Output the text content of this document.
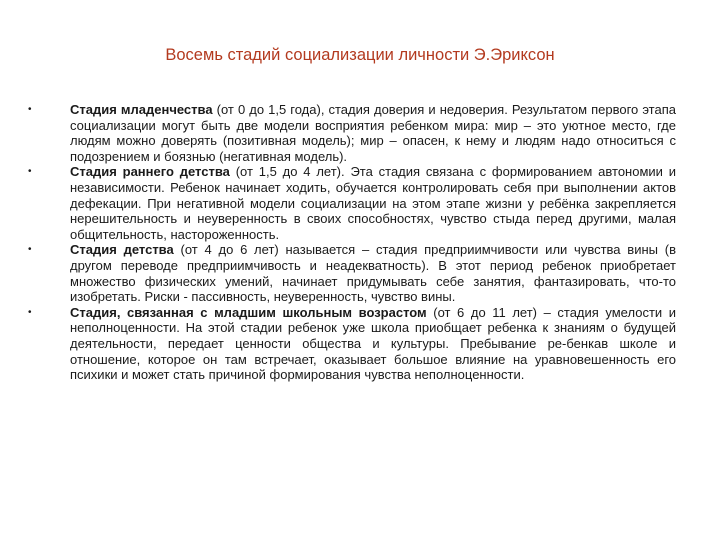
Восемь стадий социализации личности Э.Эриксон
•	Стадия младенчества (от 0 до 1,5 года), стадия доверия и недоверия. Результатом первого этапа социализации могут быть две модели восприятия ребенком мира: мир – это уютное место, где людям можно доверять (позитивная модель); мир – опасен, к нему и людям надо относиться с подозрением и боязнью (негативная модель).
•	Стадия раннего детства (от 1,5 до 4 лет). Эта стадия связана с формированием автономии и независимости. Ребенок начинает ходить, обучается контролировать себя при выполнении актов дефекации. При негативной модели социализации на этом этапе жизни у ребёнка закрепляется нерешительность и неуверенность в своих способностях, чувство стыда перед другими, малая общительность, настороженность.
•	Стадия детства (от 4 до 6 лет) называется – стадия предприимчивости или чувства вины (в другом переводе предприимчивость и неадекватность). В этот период ребенок приобретает множество физических умений, начинает придумывать себе занятия, фантазировать, что-то изобретать. Риски - пассивность, неуверенность, чувство вины.
•	Стадия, связанная с младшим школьным возрастом (от 6 до 11 лет) – стадия умелости и неполноценности. На этой стадии ребенок уже школа приобщает ребенка к знаниям о будущей деятельности, передает ценности общества и культуры. Пребывание ре-бенкав школе и отношение, которое он там встречает, оказывает большое влияние на уравновешенность его психики и может стать причиной формирования чувства неполноценности.
